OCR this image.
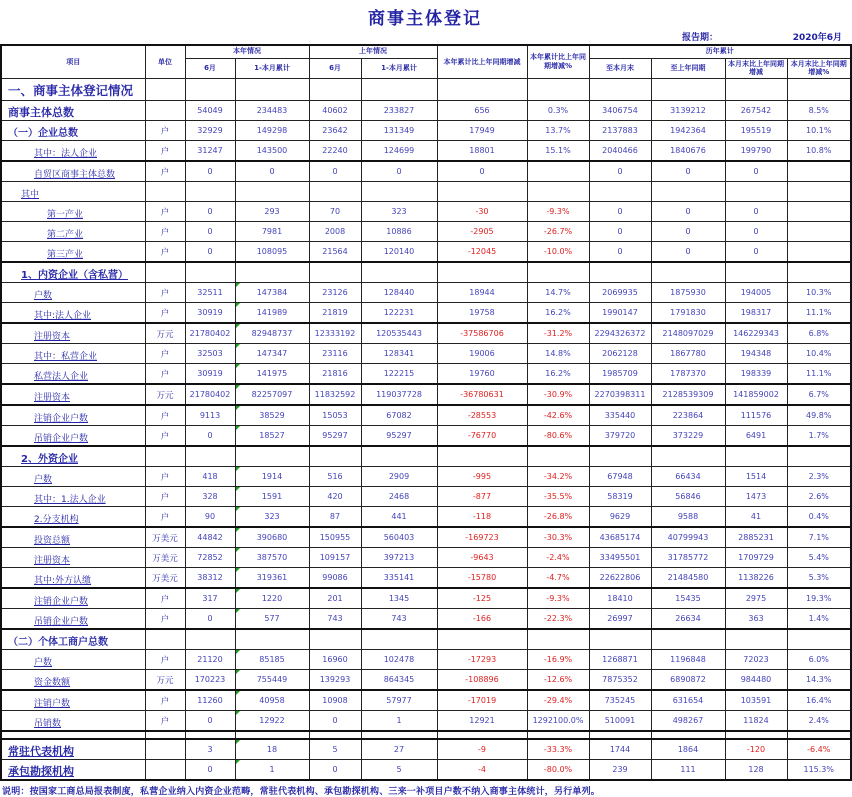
商事主体登记
报告期：	2020年6月
项目	单位	本年情况		上年情况		本年累计比上年同期增减	本年累计比上年同期增减%	历年累计			
		6月	1-本月累计	6月	1-本月累计			至本月末	至上年同期	本月末比上年同期增减	本月末比上年同期增减%
一、商事主体登记情况											
商事主体总数		54049	234483	40602	233827	656	0.3%	3406754	3139212	267542	8.5%
（一）企业总数	户	32929	149298	23642	131349	17949	13.7%	2137883	1942364	195519	10.1%
其中：法人企业	户	31247	143500	22240	124699	18801	15.1%	2040466	1840676	199790	10.8%
自贸区商事主体总数	户	0	0	0	0	0		0	0	0	
其中											
第一产业	户	0	293	70	323	-30	-9.3%	0	0	0	
第二产业	户	0	7981	2008	10886	-2905	-26.7%	0	0	0	
第三产业	户	0	108095	21564	120140	-12045	-10.0%	0	0	0	
1、内资企业（含私营）											
户数	户	32511	147384	23126	128440	18944	14.7%	2069935	1875930	194005	10.3%
其中:法人企业	户	30919	141989	21819	122231	19758	16.2%	1990147	1791830	198317	11.1%
注册资本	万元	21780402	82948737	12333192	120535443	-37586706	-31.2%	2294326372	2148097029	146229343	6.8%
其中：私营企业	户	32503	147347	23116	128341	19006	14.8%	2062128	1867780	194348	10.4%
私营法人企业	户	30919	141975	21816	122215	19760	16.2%	1985709	1787370	198339	11.1%
注册资本	万元	21780402	82257097	11832592	119037728	-36780631	-30.9%	2270398311	2128539309	141859002	6.7%
注销企业户数	户	9113	38529	15053	67082	-28553	-42.6%	335440	223864	111576	49.8%
吊销企业户数	户	0	18527	95297	95297	-76770	-80.6%	379720	373229	6491	1.7%
2、外资企业											
户数	户	418	1914	516	2909	-995	-34.2%	67948	66434	1514	2.3%
其中：1.法人企业	户	328	1591	420	2468	-877	-35.5%	58319	56846	1473	2.6%
2.分支机构	户	90	323	87	441	-118	-26.8%	9629	9588	41	0.4%
投资总额	万美元	44842	390680	150955	560403	-169723	-30.3%	43685174	40799943	2885231	7.1%
注册资本	万美元	72852	387570	109157	397213	-9643	-2.4%	33495501	31785772	1709729	5.4%
其中:外方认缴	万美元	38312	319361	99086	335141	-15780	-4.7%	22622806	21484580	1138226	5.3%
注销企业户数	户	317	1220	201	1345	-125	-9.3%	18410	15435	2975	19.3%
吊销企业户数	户	0	577	743	743	-166	-22.3%	26997	26634	363	1.4%
（二）个体工商户总数											
户数	户	21120	85185	16960	102478	-17293	-16.9%	1268871	1196848	72023	6.0%
资金数额	万元	170223	755449	139293	864345	-108896	-12.6%	7875352	6890872	984480	14.3%
注销户数	户	11260	40958	10908	57977	-17019	-29.4%	735245	631654	103591	16.4%
吊销数	户	0	12922	0	1	12921	1292100.0%	510091	498267	11824	2.4%

常驻代表机构		3	18	5	27	-9	-33.3%	1744	1864	-120	-6.4%
承包勘探机构		0	1	0	5	-4	-80.0%	239	111	128	115.3%
说明：按国家工商总局报表制度，私营企业纳入内资企业范畴，常驻代表机构、承包勘探机构、三来一补项目户数不纳入商事主体统计，另行单列。
